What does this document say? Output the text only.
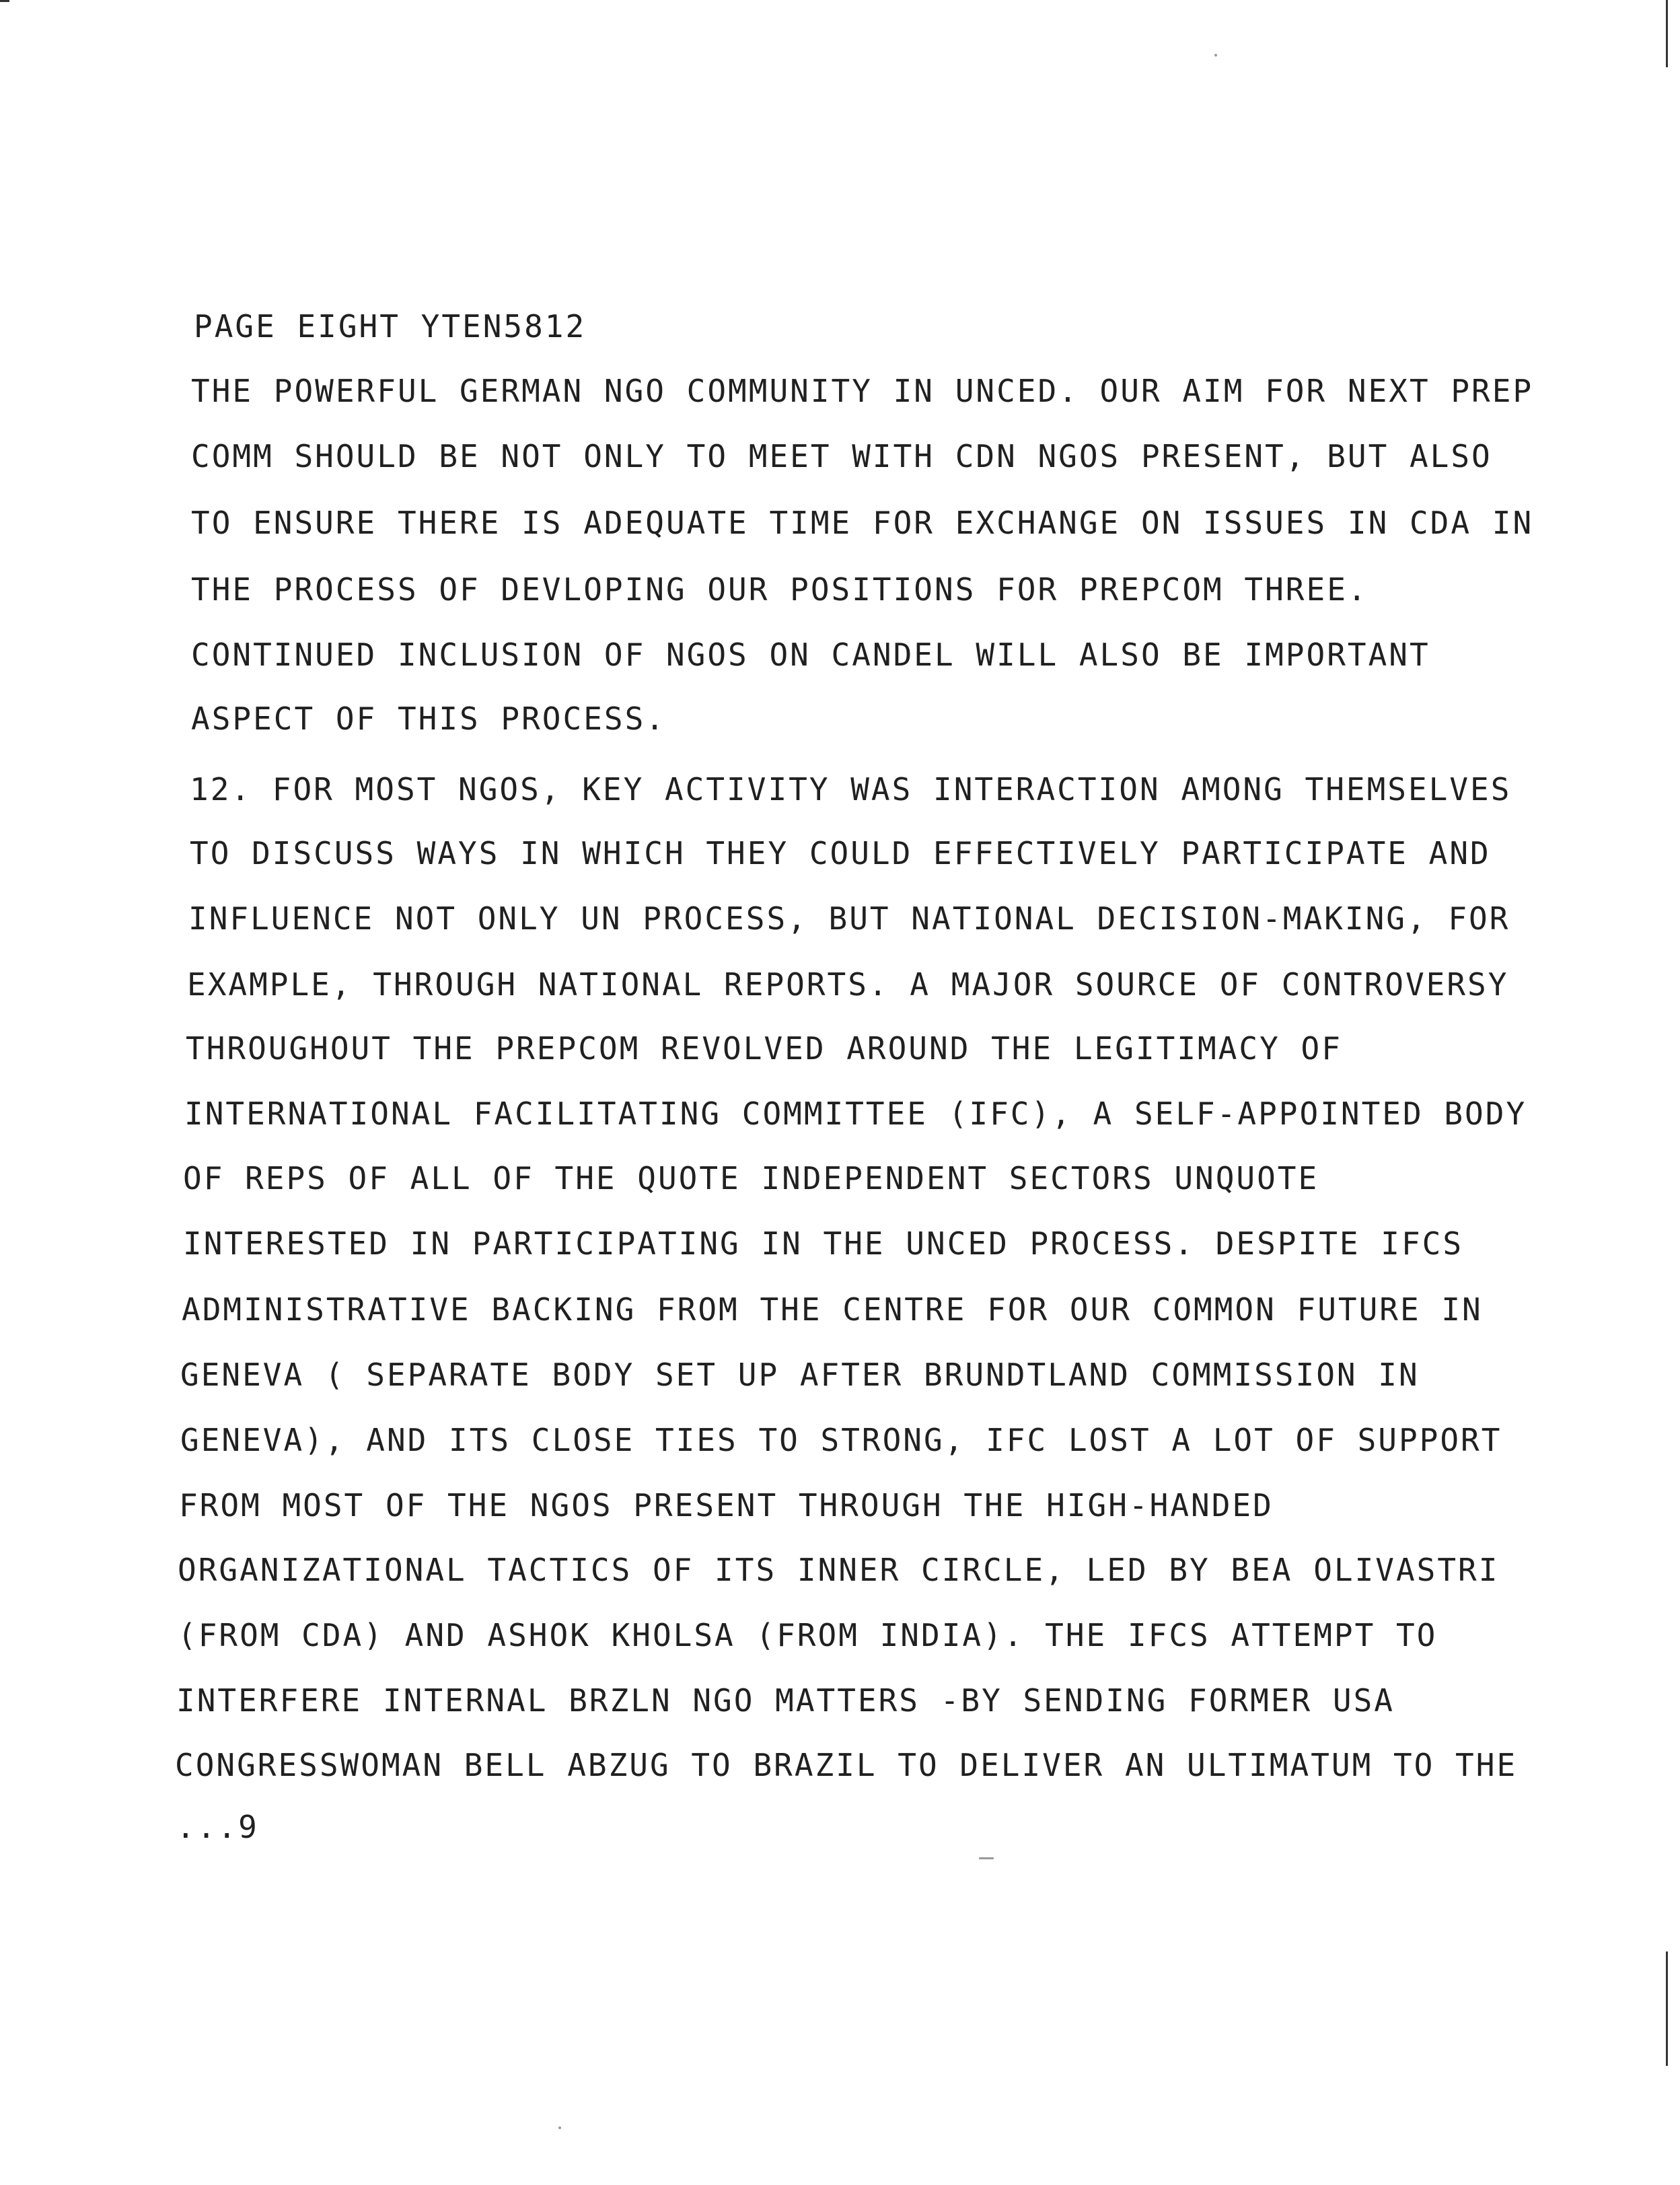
PAGE EIGHT YTEN5812
THE POWERFUL GERMAN NGO COMMUNITY IN UNCED. OUR AIM FOR NEXT PREP
COMM SHOULD BE NOT ONLY TO MEET WITH CDN NGOS PRESENT, BUT ALSO
TO ENSURE THERE IS ADEQUATE TIME FOR EXCHANGE ON ISSUES IN CDA IN
THE PROCESS OF DEVLOPING OUR POSITIONS FOR PREPCOM THREE.
CONTINUED INCLUSION OF NGOS ON CANDEL WILL ALSO BE IMPORTANT
ASPECT OF THIS PROCESS.
12. FOR MOST NGOS, KEY ACTIVITY WAS INTERACTION AMONG THEMSELVES
TO DISCUSS WAYS IN WHICH THEY COULD EFFECTIVELY PARTICIPATE AND
INFLUENCE NOT ONLY UN PROCESS, BUT NATIONAL DECISION-MAKING, FOR
EXAMPLE, THROUGH NATIONAL REPORTS. A MAJOR SOURCE OF CONTROVERSY
THROUGHOUT THE PREPCOM REVOLVED AROUND THE LEGITIMACY OF
INTERNATIONAL FACILITATING COMMITTEE (IFC), A SELF-APPOINTED BODY
OF REPS OF ALL OF THE QUOTE INDEPENDENT SECTORS UNQUOTE
INTERESTED IN PARTICIPATING IN THE UNCED PROCESS. DESPITE IFCS
ADMINISTRATIVE BACKING FROM THE CENTRE FOR OUR COMMON FUTURE IN
GENEVA ( SEPARATE BODY SET UP AFTER BRUNDTLAND COMMISSION IN
GENEVA), AND ITS CLOSE TIES TO STRONG, IFC LOST A LOT OF SUPPORT
FROM MOST OF THE NGOS PRESENT THROUGH THE HIGH-HANDED
ORGANIZATIONAL TACTICS OF ITS INNER CIRCLE, LED BY BEA OLIVASTRI
(FROM CDA) AND ASHOK KHOLSA (FROM INDIA). THE IFCS ATTEMPT TO
INTERFERE INTERNAL BRZLN NGO MATTERS -BY SENDING FORMER USA
CONGRESSWOMAN BELL ABZUG TO BRAZIL TO DELIVER AN ULTIMATUM TO THE
...9
